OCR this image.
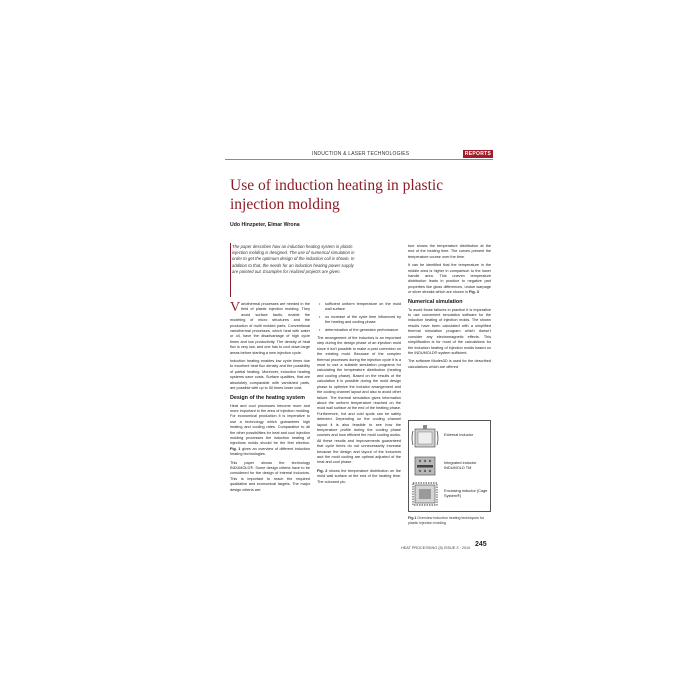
INDUCTION & LASER TECHNOLOGIES	REPORTS
Use of induction heating in plastic injection molding
Udo Hinzpeter, Elmar Wrona
The paper describes how an induction heating system in plastic injection molding is designed. The use of numerical simulation in order to get the optimum design of the induction coil is shown. In addition to that, the needs for an induction heating power supply are pointed out. Examples for realized projects are given.

Variothermal processes are needed in the field of plastic injection molding. They avoid surface faults, enable the modeling of micro structures and the production of multi molded parts. Conventional variothermal processes, which heat with water or oil, have the disadvantage of high cycle times and low productivity. The density of heat flux is very low, and one has to cool down large areas before starting a new injection cycle.

Induction heating enables low cycle times due to excellent heat flux density and the possibility of partial heating. Moreover, induction heating systems save costs. Surface qualities, that are absolutely comparable with varnished parts, are possible with up to 50 times lower cost.

Design of the heating system

Heat and cool processes become more and more important in the area of injection molding. For economical production it is imperative to use a technology which guarantees high heating and cooling rates. Comparative to all the other possibilities for heat and cool injection molding processes the induction heating of injections molds should be the first election. Fig. 1 gives an overview of different induction heating technologies.

This paper shows the technology INDUMOLD®. Some design criteria have to be considered for the design of internal inductors. This is important to reach the required qualitative and economical targets. The major design criteria are:

• sufficient uniform temperature on the mold wall surface
• no increase of the cycle time influenced by the heating and cooling phase
• determination of the generator performance

The arrangement of the inductors is an important step during the design phase of an injection mold since it isn't possible to make a post correction on the existing mold. Because of the complex thermal processes during the injection cycle it is a must to use a suitable simulation programs for calculating the temperature distribution (heating and cooling phase). Based on the results of the calculation it is possible during the mold design phase to optimize the inductor arrangement and the cooling channel layout and also to avoid other failure. The thermal simulation gives information about the uniform temperature reached on the mold wall surface at the end of the heating phase. Furthermore, hot and cold spots can be safely detected. Depending on the cooling channel layout it is also feasible to see how the temperature profile during the cooling phase courses and how efficient the mold cooling works. All these results and improvements guaranteed that cycle times do not unnecessarily increase because the design and layout of the inductors and the mold cooling are optimal adjusted of the heat and cool phase.

Fig. 2 shows the temperature distribution on the mold wall surface at the end of the heating time. The coloured pic-

ture shows the temperature distribution at the end of the heating time. The curves present the temperature course over the time.

It can be identified that the temperature in the middle area is higher in comparison to the lower handle area. This uneven temperature distribution leads in practice to negative part properties like gloss differences, undue warpage or silver streaks which are shown in Fig. 3

Numerical simulation

To avoid those failures in practice it is imperative to use convenient simulation software for the induction heating of injection molds. The shown results have been calculated with a simplified thermal simulation program which doesn't consider any electromagnetic effects. This simplification is for most of the calculations for the induction heating of injection molds based on the INDUMOLD® system sufficient.

The software Modes3D is used for the described calculations which are offered

External inductor
Integrated inductor INDUMOLD TM
Enclosing inductor (Cage System®)
Fig.1 Overview induction heating techniques for plastic injection molding
HEAT PROCESSING (8) ISSUE 3 · 2010 245
